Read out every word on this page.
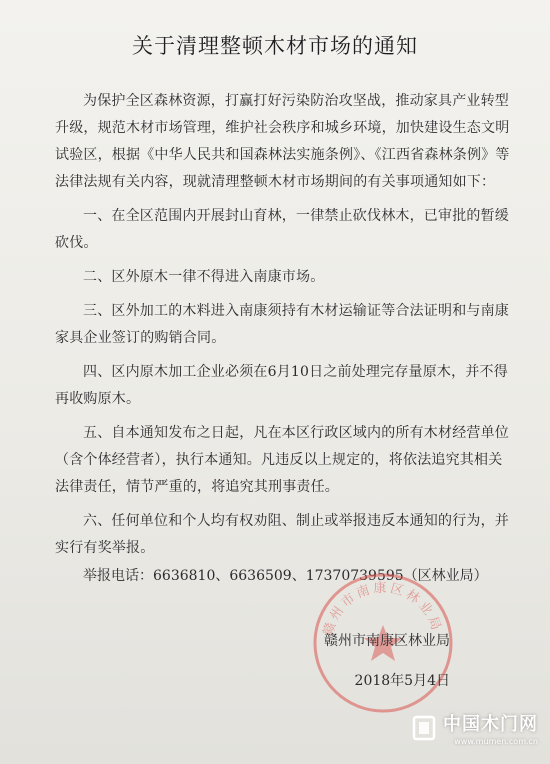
关于清理整顿木材市场的通知

为保护全区森林资源，打赢打好污染防治攻坚战，推动家具产业转型升级，规范木材市场管理，维护社会秩序和城乡环境，加快建设生态文明试验区，根据《中华人民共和国森林法实施条例》、《江西省森林条例》等法律法规有关内容，现就清理整顿木材市场期间的有关事项通知如下：

一、在全区范围内开展封山育林，一律禁止砍伐林木，已审批的暂缓砍伐。

二、区外原木一律不得进入南康市场。

三、区外加工的木料进入南康须持有木材运输证等合法证明和与南康家具企业签订的购销合同。

四、区内原木加工企业必须在6月10日之前处理完存量原木，并不得再收购原木。

五、自本通知发布之日起，凡在本区行政区域内的所有木材经营单位（含个体经营者），执行本通知。凡违反以上规定的，将依法追究其相关法律责任，情节严重的，将追究其刑事责任。

六、任何单位和个人均有权劝阻、制止或举报违反本通知的行为，并实行有奖举报。

举报电话：6636810、6636509、17370739595（区林业局）
赣州市南康区林业局
赣州市南康区林业局
2018年5月4日
中国木门网
www.mumen.com.cn
